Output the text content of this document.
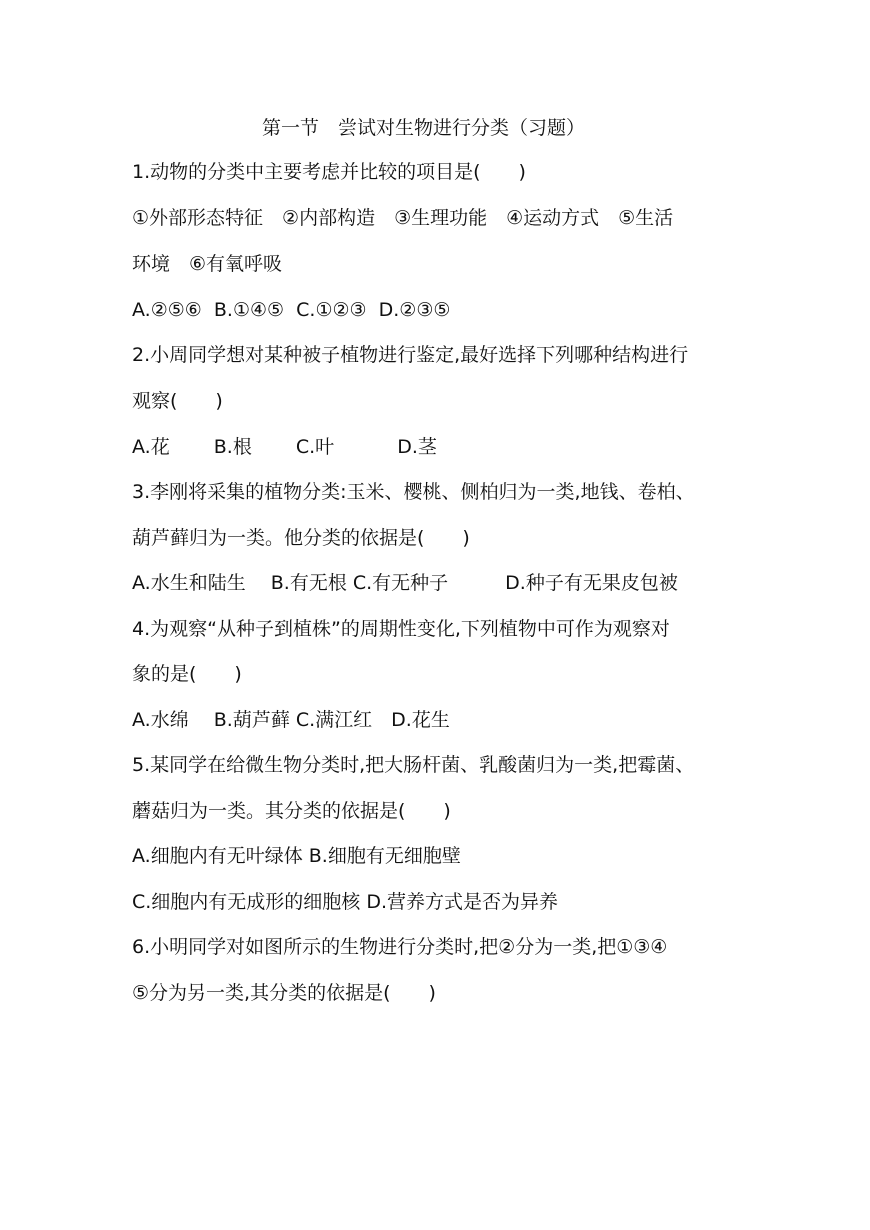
第一节　尝试对生物进行分类（习题）

1.动物的分类中主要考虑并比较的项目是(　　)

①外部形态特征　②内部构造　③生理功能　④运动方式　⑤生活

环境　⑥有氧呼吸

A.②⑤⑥  B.①④⑤  C.①②③  D.②③⑤

2.小周同学想对某种被子植物进行鉴定,最好选择下列哪种结构进行

观察(　　)

A.花　　 B.根　　 C.叶　　　 D.茎

3.李刚将采集的植物分类:玉米、樱桃、侧柏归为一类,地钱、卷柏、

葫芦藓归为一类。他分类的依据是(　　)

A.水生和陆生　 B.有无根 C.有无种子　　　D.种子有无果皮包被

4.为观察“从种子到植株”的周期性变化,下列植物中可作为观察对

象的是(　　)

A.水绵　 B.葫芦藓 C.满江红　D.花生

5.某同学在给微生物分类时,把大肠杆菌、乳酸菌归为一类,把霉菌、

蘑菇归为一类。其分类的依据是(　　)

A.细胞内有无叶绿体 B.细胞有无细胞壁

C.细胞内有无成形的细胞核 D.营养方式是否为异养

6.小明同学对如图所示的生物进行分类时,把②分为一类,把①③④

⑤分为另一类,其分类的依据是(　　)
